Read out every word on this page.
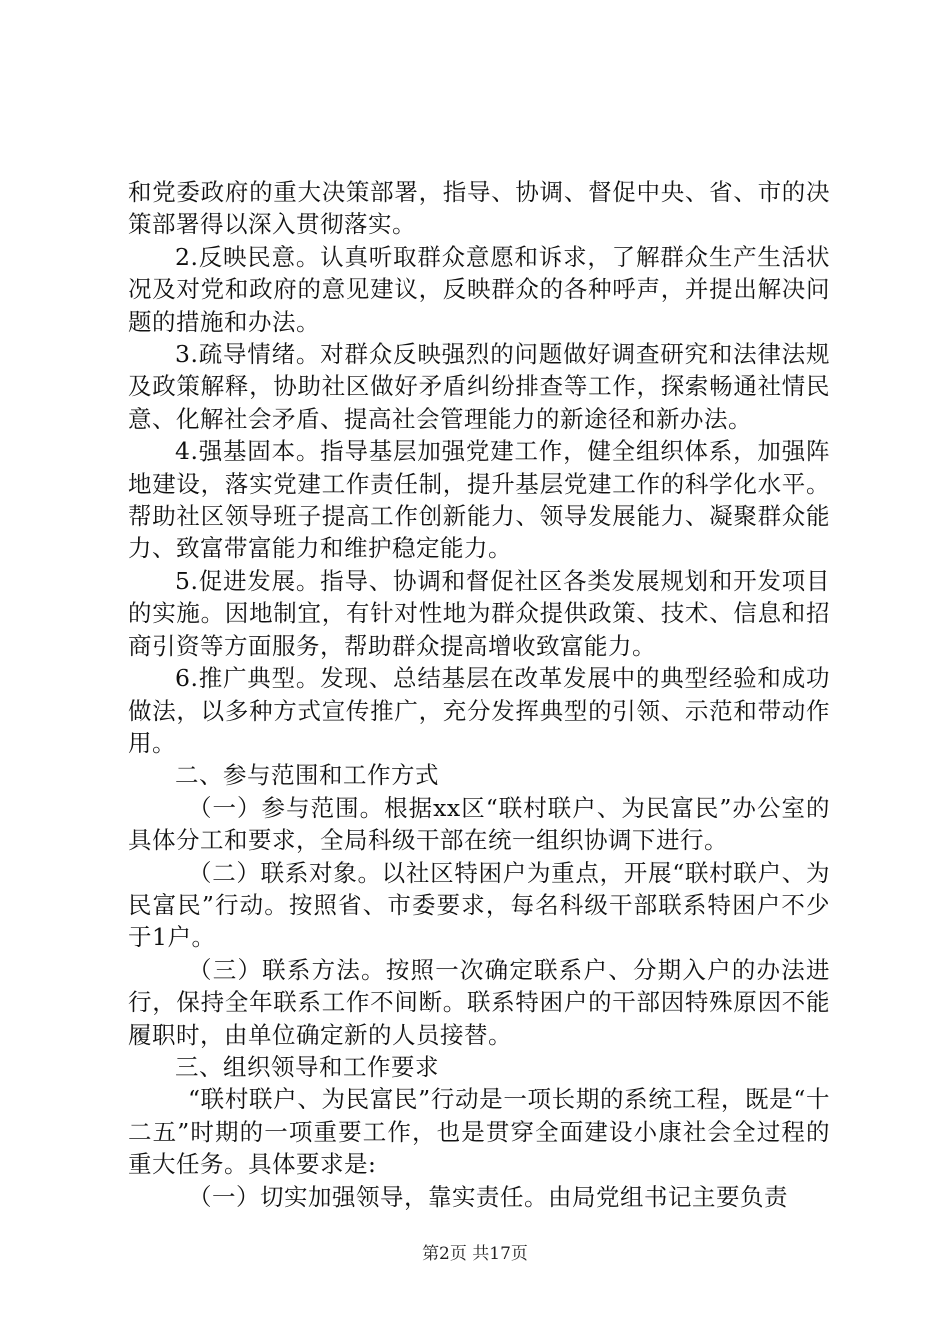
和党委政府的重大决策部署，指导、协调、督促中央、省、市的决策部署得以深入贯彻落实。

2.反映民意。认真听取群众意愿和诉求，了解群众生产生活状况及对党和政府的意见建议，反映群众的各种呼声，并提出解决问题的措施和办法。

3.疏导情绪。对群众反映强烈的问题做好调查研究和法律法规及政策解释，协助社区做好矛盾纠纷排查等工作，探索畅通社情民意、化解社会矛盾、提高社会管理能力的新途径和新办法。

4.强基固本。指导基层加强党建工作，健全组织体系，加强阵地建设，落实党建工作责任制，提升基层党建工作的科学化水平。帮助社区领导班子提高工作创新能力、领导发展能力、凝聚群众能力、致富带富能力和维护稳定能力。

5.促进发展。指导、协调和督促社区各类发展规划和开发项目的实施。因地制宜，有针对性地为群众提供政策、技术、信息和招商引资等方面服务，帮助群众提高增收致富能力。

6.推广典型。发现、总结基层在改革发展中的典型经验和成功做法，以多种方式宣传推广，充分发挥典型的引领、示范和带动作用。

二、参与范围和工作方式

（一）参与范围。根据xx区“联村联户、为民富民”办公室的具体分工和要求，全局科级干部在统一组织协调下进行。

（二）联系对象。以社区特困户为重点，开展“联村联户、为民富民”行动。按照省、市委要求，每名科级干部联系特困户不少于1户。

（三）联系方法。按照一次确定联系户、分期入户的办法进行，保持全年联系工作不间断。联系特困户的干部因特殊原因不能履职时，由单位确定新的人员接替。

三、组织领导和工作要求

“联村联户、为民富民”行动是一项长期的系统工程，既是“十二五”时期的一项重要工作，也是贯穿全面建设小康社会全过程的重大任务。具体要求是:

（一）切实加强领导，靠实责任。由局党组书记主要负责

第2页 共17页
